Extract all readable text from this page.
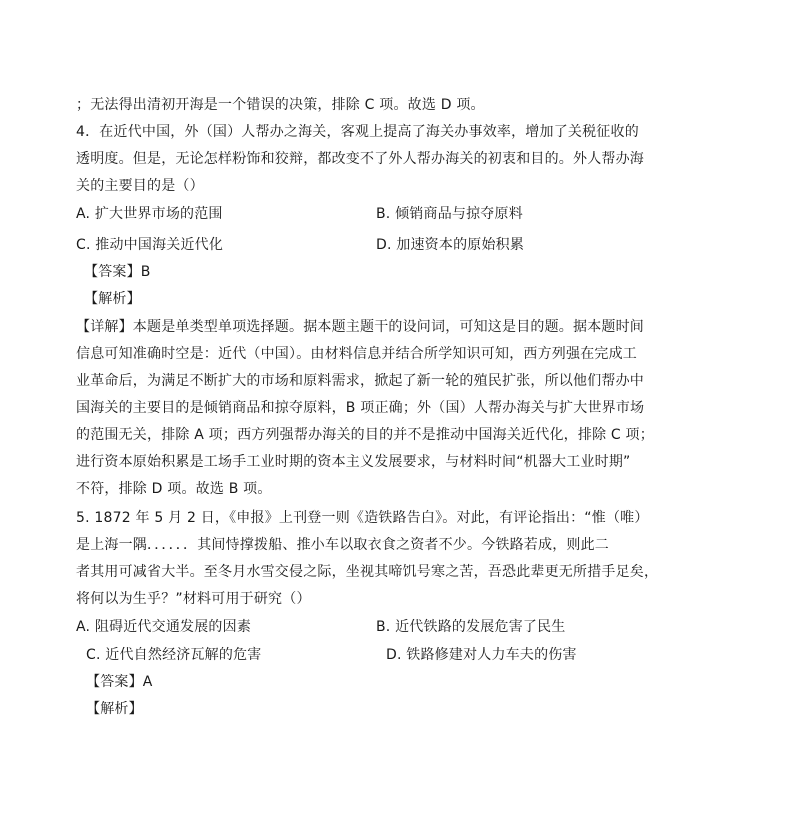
；无法得出清初开海是一个错误的决策，排除 C 项。故选 D 项。
4．在近代中国，外（国）人帮办之海关，客观上提高了海关办事效率，增加了关税征收的
透明度。但是，无论怎样粉饰和狡辩，都改变不了外人帮办海关的初衷和目的。外人帮办海
关的主要目的是（）
A. 扩大世界市场的范围	B. 倾销商品与掠夺原料
C. 推动中国海关近代化	D. 加速资本的原始积累
【答案】B
【解析】
【详解】本题是单类型单项选择题。据本题主题干的设问词，可知这是目的题。据本题时间
信息可知准确时空是：近代（中国）。由材料信息并结合所学知识可知，西方列强在完成工
业革命后，为满足不断扩大的市场和原料需求，掀起了新一轮的殖民扩张，所以他们帮办中
国海关的主要目的是倾销商品和掠夺原料，B 项正确；外（国）人帮办海关与扩大世界市场
的范围无关，排除 A 项；西方列强帮办海关的目的并不是推动中国海关近代化，排除 C 项；
进行资本原始积累是工场手工业时期的资本主义发展要求，与材料时间“机器大工业时期”
不符，排除 D 项。故选 B 项。
5. 1872 年 5 月 2 日，《申报》上刊登一则《造铁路告白》。对此，有评论指出：“惟（唯）
是上海一隅．．．．．．其间恃撑拨船、推小车以取衣食之资者不少。今铁路若成，则此二
者其用可减省大半。至冬月水雪交侵之际，坐视其啼饥号寒之苦，吾恐此辈更无所措手足矣，
将何以为生乎？”材料可用于研究（）
A. 阻碍近代交通发展的因素	B. 近代铁路的发展危害了民生
C. 近代自然经济瓦解的危害	D. 铁路修建对人力车夫的伤害
【答案】A
【解析】
